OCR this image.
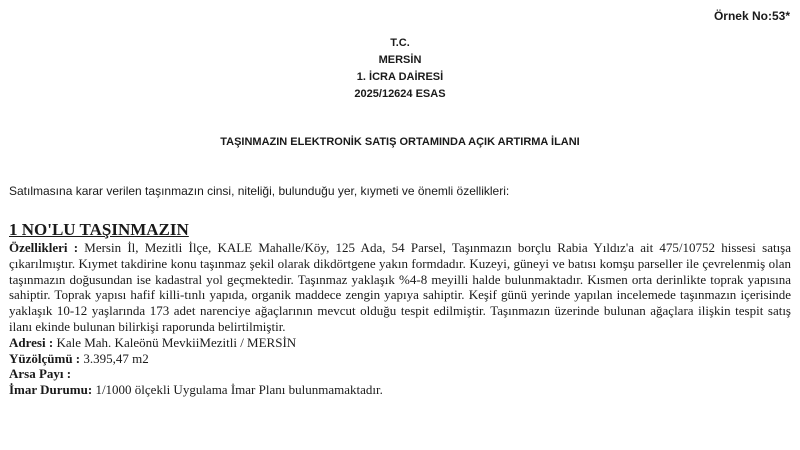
Örnek No:53*
T.C.
MERSİN
1. İCRA DAİRESİ
2025/12624 ESAS
TAŞINMAZIN ELEKTRONİK SATIŞ ORTAMINDA AÇIK ARTIRMA İLANI
Satılmasına karar verilen taşınmazın cinsi, niteliği, bulunduğu yer, kıymeti ve önemli özellikleri:

1 NO'LU TAŞINMAZIN

Özellikleri : Mersin İl, Mezitli İlçe, KALE Mahalle/Köy, 125 Ada, 54 Parsel, Taşınmazın borçlu Rabia Yıldız'a ait 475/10752 hissesi satışa çıkarılmıştır. Kıymet takdirine konu taşınmaz şekil olarak dikdörtgene yakın formdadır. Kuzeyi, güneyi ve batısı komşu parseller ile çevrelenmiş olan taşınmazın doğusundan ise kadastral yol geçmektedir. Taşınmaz yaklaşık %4-8 meyilli halde bulunmaktadır. Kısmen orta derinlikte toprak yapısına sahiptir. Toprak yapısı hafif killi-tınlı yapıda, organik maddece zengin yapıya sahiptir. Keşif günü yerinde yapılan incelemede taşınmazın içerisinde yaklaşık 10-12 yaşlarında 173 adet narenciye ağaçlarının mevcut olduğu tespit edilmiştir. Taşınmazın üzerinde bulunan ağaçlara ilişkin tespit satış ilanı ekinde bulunan bilirkişi raporunda belirtilmiştir.

Adresi : Kale Mah. Kaleönü MevkiiMezitli / MERSİN

Yüzölçümü : 3.395,47 m2

Arsa Payı :

İmar Durumu: 1/1000 ölçekli Uygulama İmar Planı bulunmamaktadır.
